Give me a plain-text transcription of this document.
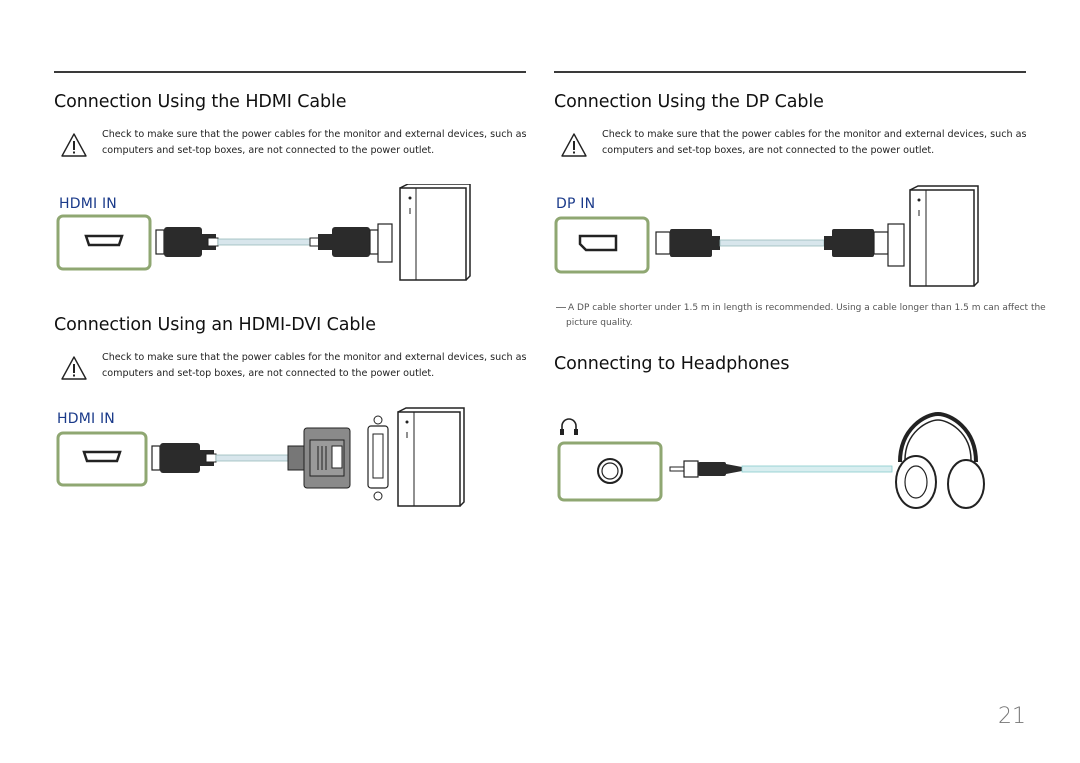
Connection Using the HDMI Cable
Check to make sure that the power cables for the monitor and external devices, such as
computers and set-top boxes, are not connected to the power outlet.
HDMI IN
Connection Using an HDMI-DVI Cable
Check to make sure that the power cables for the monitor and external devices, such as
computers and set-top boxes, are not connected to the power outlet.
HDMI IN
Connection Using the DP Cable
Check to make sure that the power cables for the monitor and external devices, such as
computers and set-top boxes, are not connected to the power outlet.
DP IN
A DP cable shorter under 1.5 m in length is recommended. Using a cable longer than 1.5 m can affect the
picture quality.
Connecting to Headphones
21
